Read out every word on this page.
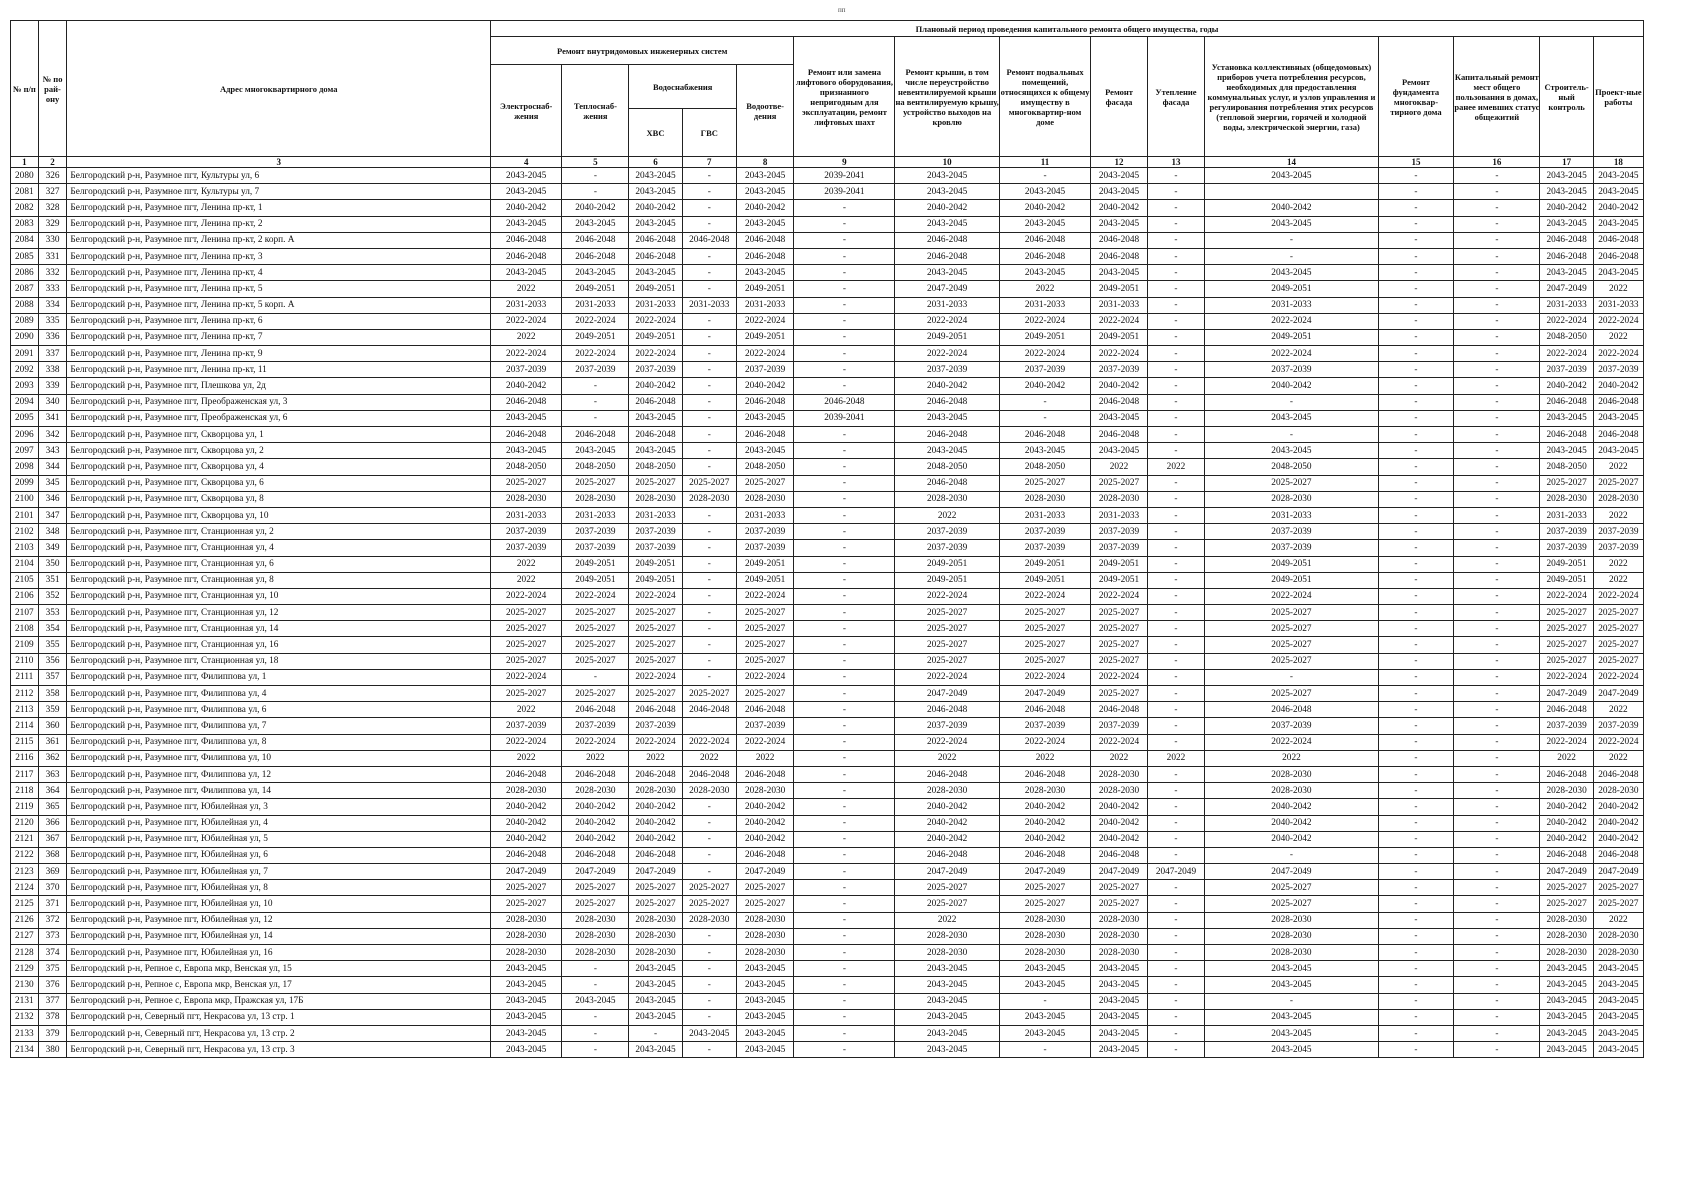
пп
№ п/п	№ по рай-ону	Адрес многоквартирного дома	Плановый период проведения капитального ремонта общего имущества, годы														
			Ремонт внутридомовых инженерных систем					Ремонт или замена лифтового оборудования, признанного непригодным для эксплуатации, ремонт лифтовых шахт	Ремонт крыши, в том числе переустройство невентилируемой крыши на вентилируемую крышу, устройство выходов на кровлю	Ремонт подвальных помещений, относящихся к общему имуществу в многоквартир-ном доме	Ремонт фасада	Утепление фасада	Установка коллективных (общедомовых) приборов учета потребления ресурсов, необходимых для предоставления коммунальных услуг, и узлов управления и регулирования потребления этих ресурсов (тепловой энергии, горячей и холодной воды, электрической энергии, газа)	Ремонт фундамента многоквар-тирного дома	Капитальный ремонт мест общего пользования в домах, ранее имевших статус общежитий	Строитель-ный контроль	Проект-ные работы
			Электроснаб-жения	Теплоснаб-жения	Водоснабжения		Водоотве-дения										
					ХВС	ГВС											
1	2	3	4	5	6	7	8	9	10	11	12	13	14	15	16	17	18
2080	326	Белгородский р-н, Разумное пгт, Культуры ул, 6	2043-2045	-	2043-2045	-	2043-2045	2039-2041	2043-2045	-	2043-2045	-	2043-2045	-	-	2043-2045	2043-2045
2081	327	Белгородский р-н, Разумное пгт, Культуры ул, 7	2043-2045	-	2043-2045	-	2043-2045	2039-2041	2043-2045	2043-2045	2043-2045	-		-	-	2043-2045	2043-2045
2082	328	Белгородский р-н, Разумное пгт, Ленина пр-кт, 1	2040-2042	2040-2042	2040-2042	-	2040-2042	-	2040-2042	2040-2042	2040-2042	-	2040-2042	-	-	2040-2042	2040-2042
2083	329	Белгородский р-н, Разумное пгт, Ленина пр-кт, 2	2043-2045	2043-2045	2043-2045	-	2043-2045	-	2043-2045	2043-2045	2043-2045	-	2043-2045	-	-	2043-2045	2043-2045
2084	330	Белгородский р-н, Разумное пгт, Ленина пр-кт, 2 корп. А	2046-2048	2046-2048	2046-2048	2046-2048	2046-2048	-	2046-2048	2046-2048	2046-2048	-	-	-	-	2046-2048	2046-2048
2085	331	Белгородский р-н, Разумное пгт, Ленина пр-кт, 3	2046-2048	2046-2048	2046-2048	-	2046-2048	-	2046-2048	2046-2048	2046-2048	-	-	-	-	2046-2048	2046-2048
2086	332	Белгородский р-н, Разумное пгт, Ленина пр-кт, 4	2043-2045	2043-2045	2043-2045	-	2043-2045	-	2043-2045	2043-2045	2043-2045	-	2043-2045	-	-	2043-2045	2043-2045
2087	333	Белгородский р-н, Разумное пгт, Ленина пр-кт, 5	2022	2049-2051	2049-2051	-	2049-2051	-	2047-2049	2022	2049-2051	-	2049-2051	-	-	2047-2049	2022
2088	334	Белгородский р-н, Разумное пгт, Ленина пр-кт, 5 корп. А	2031-2033	2031-2033	2031-2033	2031-2033	2031-2033	-	2031-2033	2031-2033	2031-2033	-	2031-2033	-	-	2031-2033	2031-2033
2089	335	Белгородский р-н, Разумное пгт, Ленина пр-кт, 6	2022-2024	2022-2024	2022-2024	-	2022-2024	-	2022-2024	2022-2024	2022-2024	-	2022-2024	-	-	2022-2024	2022-2024
2090	336	Белгородский р-н, Разумное пгт, Ленина пр-кт, 7	2022	2049-2051	2049-2051	-	2049-2051	-	2049-2051	2049-2051	2049-2051	-	2049-2051	-	-	2048-2050	2022
2091	337	Белгородский р-н, Разумное пгт, Ленина пр-кт, 9	2022-2024	2022-2024	2022-2024	-	2022-2024	-	2022-2024	2022-2024	2022-2024	-	2022-2024	-	-	2022-2024	2022-2024
2092	338	Белгородский р-н, Разумное пгт, Ленина пр-кт, 11	2037-2039	2037-2039	2037-2039	-	2037-2039	-	2037-2039	2037-2039	2037-2039	-	2037-2039	-	-	2037-2039	2037-2039
2093	339	Белгородский р-н, Разумное пгт, Плешкова ул, 2д	2040-2042	-	2040-2042	-	2040-2042	-	2040-2042	2040-2042	2040-2042	-	2040-2042	-	-	2040-2042	2040-2042
2094	340	Белгородский р-н, Разумное пгт, Преображенская ул, 3	2046-2048	-	2046-2048	-	2046-2048	2046-2048	2046-2048	-	2046-2048	-	-	-	-	2046-2048	2046-2048
2095	341	Белгородский р-н, Разумное пгт, Преображенская ул, 6	2043-2045	-	2043-2045	-	2043-2045	2039-2041	2043-2045	-	2043-2045	-	2043-2045	-	-	2043-2045	2043-2045
2096	342	Белгородский р-н, Разумное пгт, Скворцова ул, 1	2046-2048	2046-2048	2046-2048	-	2046-2048	-	2046-2048	2046-2048	2046-2048	-	-	-	-	2046-2048	2046-2048
2097	343	Белгородский р-н, Разумное пгт, Скворцова ул, 2	2043-2045	2043-2045	2043-2045	-	2043-2045	-	2043-2045	2043-2045	2043-2045	-	2043-2045	-	-	2043-2045	2043-2045
2098	344	Белгородский р-н, Разумное пгт, Скворцова ул, 4	2048-2050	2048-2050	2048-2050	-	2048-2050	-	2048-2050	2048-2050	2022	2022	2048-2050	-	-	2048-2050	2022
2099	345	Белгородский р-н, Разумное пгт, Скворцова ул, 6	2025-2027	2025-2027	2025-2027	2025-2027	2025-2027	-	2046-2048	2025-2027	2025-2027	-	2025-2027	-	-	2025-2027	2025-2027
2100	346	Белгородский р-н, Разумное пгт, Скворцова ул, 8	2028-2030	2028-2030	2028-2030	2028-2030	2028-2030	-	2028-2030	2028-2030	2028-2030	-	2028-2030	-	-	2028-2030	2028-2030
2101	347	Белгородский р-н, Разумное пгт, Скворцова ул, 10	2031-2033	2031-2033	2031-2033	-	2031-2033	-	2022	2031-2033	2031-2033	-	2031-2033	-	-	2031-2033	2022
2102	348	Белгородский р-н, Разумное пгт, Станционная ул, 2	2037-2039	2037-2039	2037-2039	-	2037-2039	-	2037-2039	2037-2039	2037-2039	-	2037-2039	-	-	2037-2039	2037-2039
2103	349	Белгородский р-н, Разумное пгт, Станционная ул, 4	2037-2039	2037-2039	2037-2039	-	2037-2039	-	2037-2039	2037-2039	2037-2039	-	2037-2039	-	-	2037-2039	2037-2039
2104	350	Белгородский р-н, Разумное пгт, Станционная ул, 6	2022	2049-2051	2049-2051	-	2049-2051	-	2049-2051	2049-2051	2049-2051	-	2049-2051	-	-	2049-2051	2022
2105	351	Белгородский р-н, Разумное пгт, Станционная ул, 8	2022	2049-2051	2049-2051	-	2049-2051	-	2049-2051	2049-2051	2049-2051	-	2049-2051	-	-	2049-2051	2022
2106	352	Белгородский р-н, Разумное пгт, Станционная ул, 10	2022-2024	2022-2024	2022-2024	-	2022-2024	-	2022-2024	2022-2024	2022-2024	-	2022-2024	-	-	2022-2024	2022-2024
2107	353	Белгородский р-н, Разумное пгт, Станционная ул, 12	2025-2027	2025-2027	2025-2027	-	2025-2027	-	2025-2027	2025-2027	2025-2027	-	2025-2027	-	-	2025-2027	2025-2027
2108	354	Белгородский р-н, Разумное пгт, Станционная ул, 14	2025-2027	2025-2027	2025-2027	-	2025-2027	-	2025-2027	2025-2027	2025-2027	-	2025-2027	-	-	2025-2027	2025-2027
2109	355	Белгородский р-н, Разумное пгт, Станционная ул, 16	2025-2027	2025-2027	2025-2027	-	2025-2027	-	2025-2027	2025-2027	2025-2027	-	2025-2027	-	-	2025-2027	2025-2027
2110	356	Белгородский р-н, Разумное пгт, Станционная ул, 18	2025-2027	2025-2027	2025-2027	-	2025-2027	-	2025-2027	2025-2027	2025-2027	-	2025-2027	-	-	2025-2027	2025-2027
2111	357	Белгородский р-н, Разумное пгт, Филиппова ул, 1	2022-2024	-	2022-2024	-	2022-2024	-	2022-2024	2022-2024	2022-2024	-	-	-	-	2022-2024	2022-2024
2112	358	Белгородский р-н, Разумное пгт, Филиппова ул, 4	2025-2027	2025-2027	2025-2027	2025-2027	2025-2027	-	2047-2049	2047-2049	2025-2027	-	2025-2027	-	-	2047-2049	2047-2049
2113	359	Белгородский р-н, Разумное пгт, Филиппова ул, 6	2022	2046-2048	2046-2048	2046-2048	2046-2048	-	2046-2048	2046-2048	2046-2048	-	2046-2048	-	-	2046-2048	2022
2114	360	Белгородский р-н, Разумное пгт, Филиппова ул, 7	2037-2039	2037-2039	2037-2039		2037-2039	-	2037-2039	2037-2039	2037-2039	-	2037-2039	-	-	2037-2039	2037-2039
2115	361	Белгородский р-н, Разумное пгт, Филиппова ул, 8	2022-2024	2022-2024	2022-2024	2022-2024	2022-2024	-	2022-2024	2022-2024	2022-2024	-	2022-2024	-	-	2022-2024	2022-2024
2116	362	Белгородский р-н, Разумное пгт, Филиппова ул, 10	2022	2022	2022	2022	2022	-	2022	2022	2022	2022	2022	-	-	2022	2022
2117	363	Белгородский р-н, Разумное пгт, Филиппова ул, 12	2046-2048	2046-2048	2046-2048	2046-2048	2046-2048	-	2046-2048	2046-2048	2028-2030	-	2028-2030	-	-	2046-2048	2046-2048
2118	364	Белгородский р-н, Разумное пгт, Филиппова ул, 14	2028-2030	2028-2030	2028-2030	2028-2030	2028-2030	-	2028-2030	2028-2030	2028-2030	-	2028-2030	-	-	2028-2030	2028-2030
2119	365	Белгородский р-н, Разумное пгт, Юбилейная ул, 3	2040-2042	2040-2042	2040-2042	-	2040-2042	-	2040-2042	2040-2042	2040-2042	-	2040-2042	-	-	2040-2042	2040-2042
2120	366	Белгородский р-н, Разумное пгт, Юбилейная ул, 4	2040-2042	2040-2042	2040-2042	-	2040-2042	-	2040-2042	2040-2042	2040-2042	-	2040-2042	-	-	2040-2042	2040-2042
2121	367	Белгородский р-н, Разумное пгт, Юбилейная ул, 5	2040-2042	2040-2042	2040-2042	-	2040-2042	-	2040-2042	2040-2042	2040-2042	-	2040-2042	-	-	2040-2042	2040-2042
2122	368	Белгородский р-н, Разумное пгт, Юбилейная ул, 6	2046-2048	2046-2048	2046-2048	-	2046-2048	-	2046-2048	2046-2048	2046-2048	-	-	-	-	2046-2048	2046-2048
2123	369	Белгородский р-н, Разумное пгт, Юбилейная ул, 7	2047-2049	2047-2049	2047-2049	-	2047-2049	-	2047-2049	2047-2049	2047-2049	2047-2049	2047-2049	-	-	2047-2049	2047-2049
2124	370	Белгородский р-н, Разумное пгт, Юбилейная ул, 8	2025-2027	2025-2027	2025-2027	2025-2027	2025-2027	-	2025-2027	2025-2027	2025-2027	-	2025-2027	-	-	2025-2027	2025-2027
2125	371	Белгородский р-н, Разумное пгт, Юбилейная ул, 10	2025-2027	2025-2027	2025-2027	2025-2027	2025-2027	-	2025-2027	2025-2027	2025-2027	-	2025-2027	-	-	2025-2027	2025-2027
2126	372	Белгородский р-н, Разумное пгт, Юбилейная ул, 12	2028-2030	2028-2030	2028-2030	2028-2030	2028-2030	-	2022	2028-2030	2028-2030	-	2028-2030	-	-	2028-2030	2022
2127	373	Белгородский р-н, Разумное пгт, Юбилейная ул, 14	2028-2030	2028-2030	2028-2030	-	2028-2030	-	2028-2030	2028-2030	2028-2030	-	2028-2030	-	-	2028-2030	2028-2030
2128	374	Белгородский р-н, Разумное пгт, Юбилейная ул, 16	2028-2030	2028-2030	2028-2030	-	2028-2030	-	2028-2030	2028-2030	2028-2030	-	2028-2030	-	-	2028-2030	2028-2030
2129	375	Белгородский р-н, Репное с, Европа мкр, Венская ул, 15	2043-2045	-	2043-2045	-	2043-2045	-	2043-2045	2043-2045	2043-2045	-	2043-2045	-	-	2043-2045	2043-2045
2130	376	Белгородский р-н, Репное с, Европа мкр, Венская ул, 17	2043-2045	-	2043-2045	-	2043-2045	-	2043-2045	2043-2045	2043-2045	-	2043-2045	-	-	2043-2045	2043-2045
2131	377	Белгородский р-н, Репное с, Европа мкр, Пражская ул, 17Б	2043-2045	2043-2045	2043-2045	-	2043-2045	-	2043-2045	-	2043-2045	-	-	-	-	2043-2045	2043-2045
2132	378	Белгородский р-н, Северный пгт, Некрасова ул, 13 стр. 1	2043-2045	-	2043-2045	-	2043-2045	-	2043-2045	2043-2045	2043-2045	-	2043-2045	-	-	2043-2045	2043-2045
2133	379	Белгородский р-н, Северный пгт, Некрасова ул, 13 стр. 2	2043-2045	-	-	2043-2045	2043-2045	-	2043-2045	2043-2045	2043-2045	-	2043-2045	-	-	2043-2045	2043-2045
2134	380	Белгородский р-н, Северный пгт, Некрасова ул, 13 стр. 3	2043-2045	-	2043-2045	-	2043-2045	-	2043-2045	-	2043-2045	-	2043-2045	-	-	2043-2045	2043-2045
